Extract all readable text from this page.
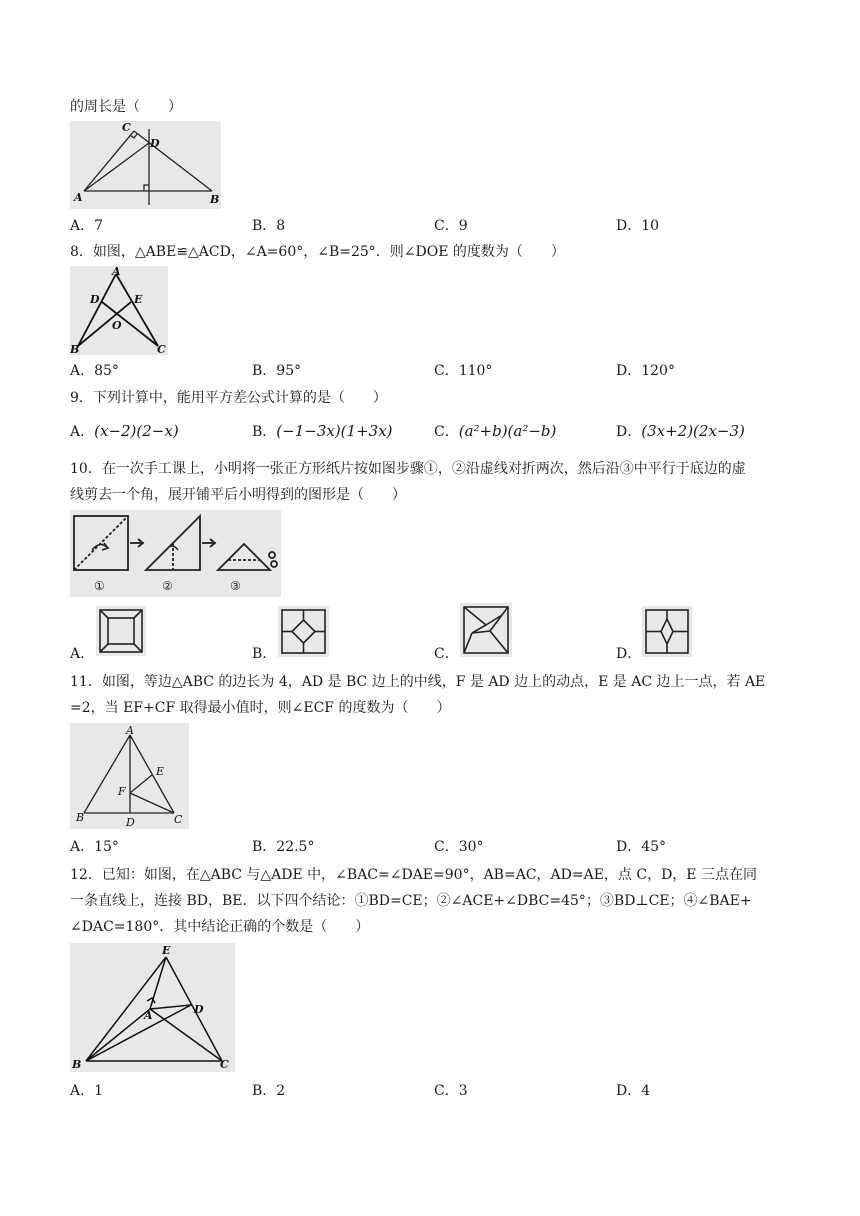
的周长是（　　）
C
D
A	B
A．7	B．8	C．9	D．10
8．如图，△ABE≌△ACD，∠A=60°，∠B=25°．则∠DOE 的度数为（　　）
A
D	E
O
B	C
A．85°	B．95°	C．110°	D．120°
9．下列计算中，能用平方差公式计算的是（　　）
A．(x−2)(2−x)	B．(−1−3x)(1+3x)	C．(a²+b)(a²−b)	D．(3x+2)(2x−3)
10．在一次手工课上，小明将一张正方形纸片按如图步骤①，②沿虚线对折两次，然后沿③中平行于底边的虚
线剪去一个角，展开铺平后小明得到的图形是（　　）
①	②	③
A．	B．	C．	D．
11．如图，等边△ABC 的边长为 4，AD 是 BC 边上的中线，F 是 AD 边上的动点，E 是 AC 边上一点，若 AE
=2，当 EF+CF 取得最小值时，则∠ECF 的度数为（　　）
A
E
F
B	D	C
A．15°	B．22.5°	C．30°	D．45°
12．已知：如图，在△ABC 与△ADE 中，∠BAC=∠DAE=90°，AB=AC，AD=AE，点 C，D，E 三点在同
一条直线上，连接 BD，BE．以下四个结论：①BD=CE；②∠ACE+∠DBC=45°；③BD⊥CE；④∠BAE+
∠DAC=180°．其中结论正确的个数是（　　）
E
A	D
B	C
A．1	B．2	C．3	D．4
